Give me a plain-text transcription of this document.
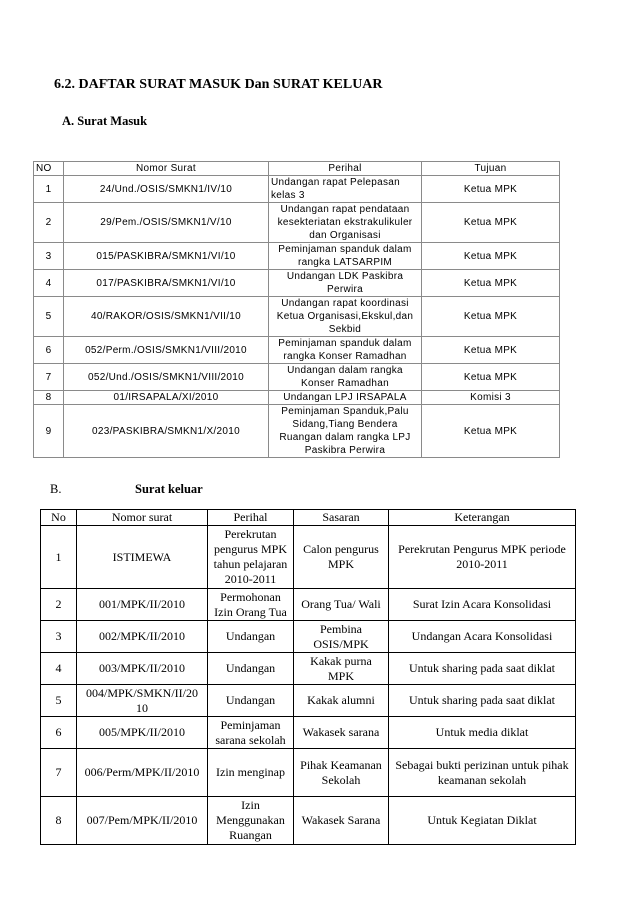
6.2. DAFTAR SURAT MASUK Dan SURAT KELUAR
A. Surat Masuk
NO	Nomor Surat	Perihal	Tujuan
1	24/Und./OSIS/SMKN1/IV/10	Undangan rapat Pelepasan kelas 3	Ketua MPK
2	29/Pem./OSIS/SMKN1/V/10	Undangan rapat pendataan kesekteriatan ekstrakulikuler dan Organisasi	Ketua MPK
3	015/PASKIBRA/SMKN1/VI/10	Peminjaman spanduk dalam rangka LATSARPIM	Ketua MPK
4	017/PASKIBRA/SMKN1/VI/10	Undangan LDK Paskibra Perwira	Ketua MPK
5	40/RAKOR/OSIS/SMKN1/VII/10	Undangan rapat koordinasi Ketua Organisasi,Ekskul,dan Sekbid	Ketua MPK
6	052/Perm./OSIS/SMKN1/VIII/2010	Peminjaman spanduk dalam rangka Konser Ramadhan	Ketua MPK
7	052/Und./OSIS/SMKN1/VIII/2010	Undangan dalam rangka Konser Ramadhan	Ketua MPK
8	01/IRSAPALA/XI/2010	Undangan LPJ IRSAPALA	Komisi 3
9	023/PASKIBRA/SMKN1/X/2010	Peminjaman Spanduk,Palu Sidang,Tiang Bendera Ruangan dalam rangka LPJ Paskibra Perwira	Ketua MPK
B.	Surat keluar
No	Nomor surat	Perihal	Sasaran	Keterangan
1	ISTIMEWA	Perekrutan pengurus MPK tahun pelajaran 2010-2011	Calon pengurus MPK	Perekrutan Pengurus MPK periode 2010-2011
2	001/MPK/II/2010	Permohonan Izin Orang Tua	Orang Tua/ Wali	Surat Izin Acara Konsolidasi
3	002/MPK/II/2010	Undangan	Pembina OSIS/MPK	Undangan Acara Konsolidasi
4	003/MPK/II/2010	Undangan	Kakak purna MPK	Untuk sharing pada saat diklat
5	004/MPK/SMKN/II/20 10	Undangan	Kakak alumni	Untuk sharing pada saat diklat
6	005/MPK/II/2010	Peminjaman sarana sekolah	Wakasek sarana	Untuk media diklat
7	006/Perm/MPK/II/2010	Izin menginap	Pihak Keamanan Sekolah	Sebagai bukti perizinan untuk pihak keamanan sekolah
8	007/Pem/MPK/II/2010	Izin Menggunakan Ruangan	Wakasek Sarana	Untuk Kegiatan Diklat
